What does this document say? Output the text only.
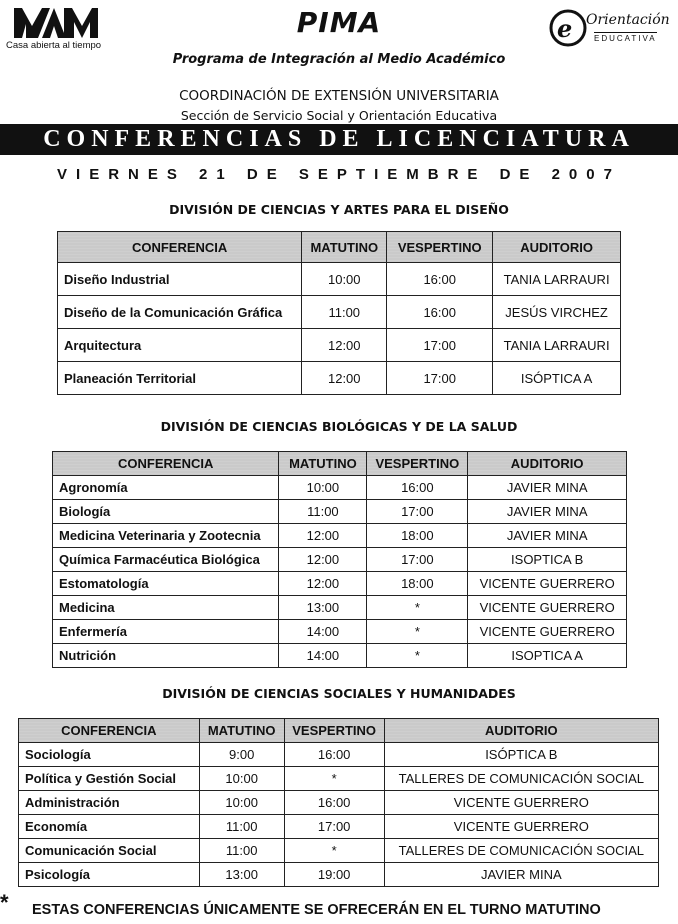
Casa abierta al tiempo
PIMA	e Orientación
EDUCATIVA
Programa de Integración al Medio Académico
COORDINACIÓN DE EXTENSIÓN UNIVERSITARIA
Sección de Servicio Social y Orientación Educativa
CONFERENCIAS DE LICENCIATURA
VIERNES 21 DE SEPTIEMBRE DE 2007
DIVISIÓN DE CIENCIAS Y ARTES PARA EL DISEÑO
CONFERENCIA	MATUTINO	VESPERTINO	AUDITORIO
Diseño Industrial	10:00	16:00	TANIA LARRAURI
Diseño de la Comunicación Gráfica	11:00	16:00	JESÚS VIRCHEZ
Arquitectura	12:00	17:00	TANIA LARRAURI
Planeación Territorial	12:00	17:00	ISÓPTICA A
DIVISIÓN DE CIENCIAS BIOLÓGICAS Y DE LA SALUD
CONFERENCIA	MATUTINO	VESPERTINO	AUDITORIO
Agronomía	10:00	16:00	JAVIER MINA
Biología	11:00	17:00	JAVIER MINA
Medicina Veterinaria y Zootecnia	12:00	18:00	JAVIER MINA
Química Farmacéutica Biológica	12:00	17:00	ISOPTICA B
Estomatología	12:00	18:00	VICENTE GUERRERO
Medicina	13:00	*	VICENTE GUERRERO
Enfermería	14:00	*	VICENTE GUERRERO
Nutrición	14:00	*	ISOPTICA A
DIVISIÓN DE CIENCIAS SOCIALES Y HUMANIDADES
CONFERENCIA	MATUTINO	VESPERTINO	AUDITORIO
Sociología	9:00	16:00	ISÓPTICA B
Política y Gestión Social	10:00	*	TALLERES DE COMUNICACIÓN SOCIAL
Administración	10:00	16:00	VICENTE GUERRERO
Economía	11:00	17:00	VICENTE GUERRERO
Comunicación Social	11:00	*	TALLERES DE COMUNICACIÓN SOCIAL
Psicología	13:00	19:00	JAVIER MINA
* ESTAS CONFERENCIAS ÚNICAMENTE SE OFRECERÁN EN EL TURNO MATUTINO
